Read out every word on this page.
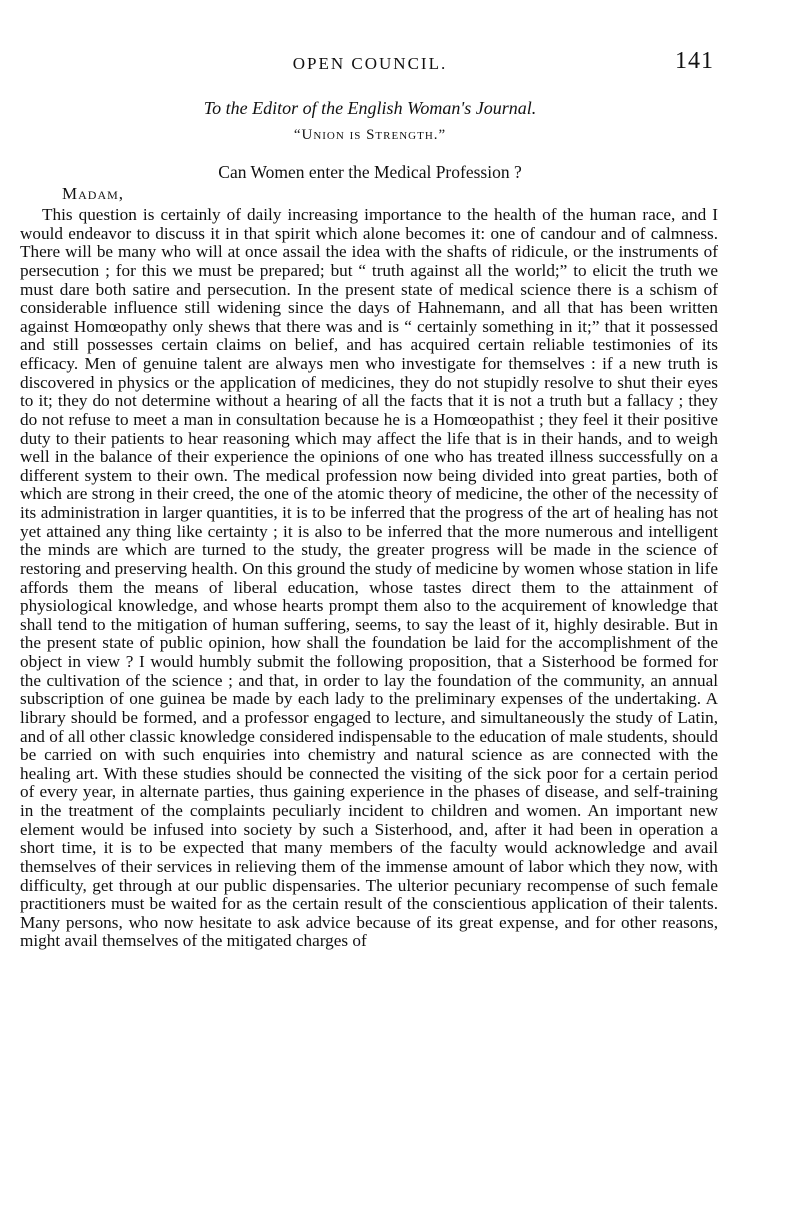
OPEN COUNCIL.	141
To the Editor of the English Woman's Journal.
“Union is Strength.”
Can Women enter the Medical Profession ?
Madam,

This question is certainly of daily increasing importance to the health of the human race, and I would endeavor to discuss it in that spirit which alone becomes it: one of candour and of calmness. There will be many who will at once assail the idea with the shafts of ridicule, or the instruments of persecution ; for this we must be prepared; but “ truth against all the world;” to elicit the truth we must dare both satire and persecution. In the present state of medical science there is a schism of considerable influence still widening since the days of Hahnemann, and all that has been written against Homœopathy only shews that there was and is “ certainly something in it;” that it possessed and still possesses certain claims on belief, and has acquired certain reliable testimonies of its efficacy. Men of genuine talent are always men who investigate for themselves : if a new truth is discovered in physics or the application of medicines, they do not stupidly resolve to shut their eyes to it; they do not determine without a hearing of all the facts that it is not a truth but a fallacy ; they do not refuse to meet a man in consultation because he is a Homœopathist ; they feel it their positive duty to their patients to hear reasoning which may affect the life that is in their hands, and to weigh well in the balance of their experience the opinions of one who has treated illness successfully on a different system to their own. The medical profession now being divided into great parties, both of which are strong in their creed, the one of the atomic theory of medicine, the other of the necessity of its administration in larger quantities, it is to be inferred that the progress of the art of healing has not yet attained any thing like certainty ; it is also to be inferred that the more numerous and intelligent the minds are which are turned to the study, the greater progress will be made in the science of restoring and preserving health. On this ground the study of medicine by women whose station in life affords them the means of liberal education, whose tastes direct them to the attainment of physiological knowledge, and whose hearts prompt them also to the acquirement of knowledge that shall tend to the mitigation of human suffering, seems, to say the least of it, highly desirable. But in the present state of public opinion, how shall the foundation be laid for the accomplishment of the object in view ? I would humbly submit the following proposition, that a Sisterhood be formed for the cultivation of the science ; and that, in order to lay the foundation of the community, an annual subscription of one guinea be made by each lady to the preliminary expenses of the undertaking. A library should be formed, and a professor engaged to lecture, and simultaneously the study of Latin, and of all other classic knowledge considered indispensable to the education of male students, should be carried on with such enquiries into chemistry and natural science as are connected with the healing art. With these studies should be connected the visiting of the sick poor for a certain period of every year, in alternate parties, thus gaining experience in the phases of disease, and self-training in the treatment of the complaints peculiarly incident to children and women. An important new element would be infused into society by such a Sisterhood, and, after it had been in operation a short time, it is to be expected that many members of the faculty would acknowledge and avail themselves of their services in relieving them of the immense amount of labor which they now, with difficulty, get through at our public dispensaries. The ulterior pecuniary recompense of such female practitioners must be waited for as the certain result of the conscientious application of their talents. Many persons, who now hesitate to ask advice because of its great expense, and for other reasons, might avail themselves of the mitigated charges of
